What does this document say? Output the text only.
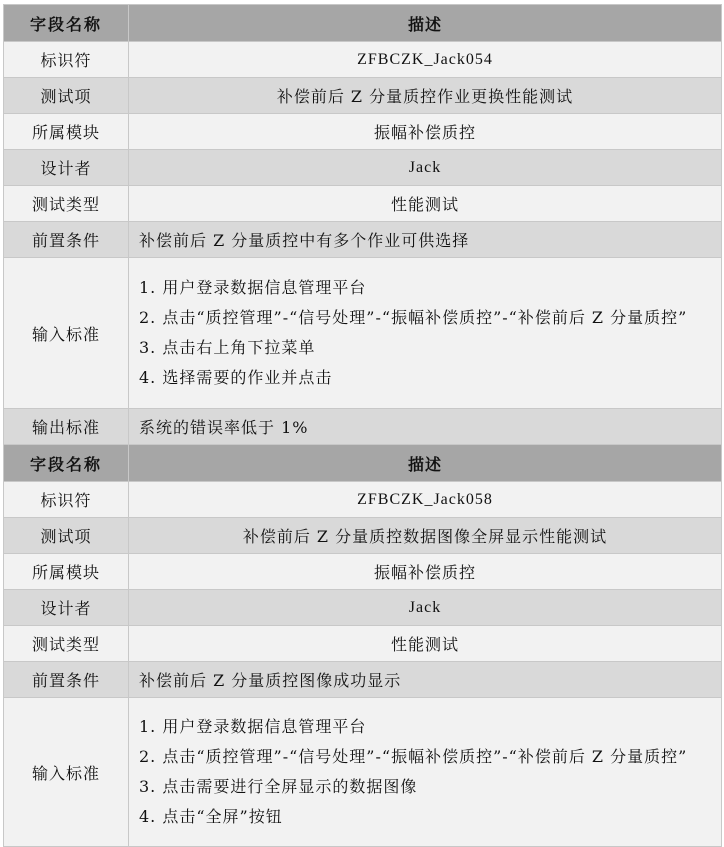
字段名称	描述
标识符	ZFBCZK_Jack054
测试项	补偿前后 Z 分量质控作业更换性能测试
所属模块	振幅补偿质控
设计者	Jack
测试类型	性能测试
前置条件	补偿前后 Z 分量质控中有多个作业可供选择
输入标准	1. 用户登录数据信息管理平台
2. 点击“质控管理”-“信号处理”-“振幅补偿质控”-“补偿前后 Z 分量质控”
3. 点击右上角下拉菜单
4. 选择需要的作业并点击

输出标准	系统的错误率低于 1%
字段名称	描述
标识符	ZFBCZK_Jack058
测试项	补偿前后 Z 分量质控数据图像全屏显示性能测试
所属模块	振幅补偿质控
设计者	Jack
测试类型	性能测试
前置条件	补偿前后 Z 分量质控图像成功显示
输入标准	1. 用户登录数据信息管理平台
2. 点击“质控管理”-“信号处理”-“振幅补偿质控”-“补偿前后 Z 分量质控”
3. 点击需要进行全屏显示的数据图像
4. 点击“全屏”按钮
